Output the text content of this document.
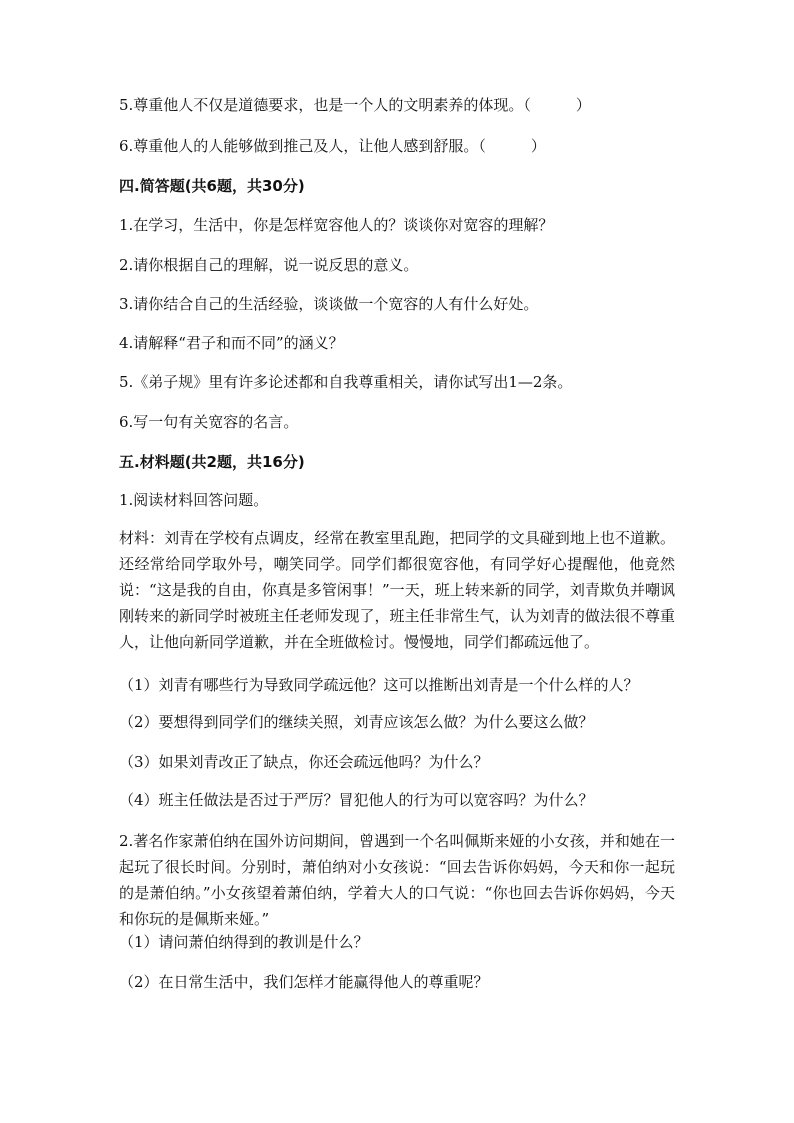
5.尊重他人不仅是道德要求，也是一个人的文明素养的体现。（　　　）
6.尊重他人的人能够做到推己及人，让他人感到舒服。（　　　）
四.简答题(共6题，共30分)
1.在学习，生活中，你是怎样宽容他人的？谈谈你对宽容的理解？
2.请你根据自己的理解，说一说反思的意义。
3.请你结合自己的生活经验，谈谈做一个宽容的人有什么好处。
4.请解释“君子和而不同”的涵义？
5.《弟子规》里有许多论述都和自我尊重相关，请你试写出1—2条。
6.写一句有关宽容的名言。
五.材料题(共2题，共16分)
1.阅读材料回答问题。
材料：刘青在学校有点调皮，经常在教室里乱跑，把同学的文具碰到地上也不道歉。还经常给同学取外号，嘲笑同学。同学们都很宽容他，有同学好心提醒他，他竟然说：“这是我的自由，你真是多管闲事！”一天，班上转来新的同学，刘青欺负并嘲讽刚转来的新同学时被班主任老师发现了，班主任非常生气，认为刘青的做法很不尊重人，让他向新同学道歉，并在全班做检讨。慢慢地，同学们都疏远他了。
（1）刘青有哪些行为导致同学疏远他？这可以推断出刘青是一个什么样的人？
（2）要想得到同学们的继续关照，刘青应该怎么做？为什么要这么做？
（3）如果刘青改正了缺点，你还会疏远他吗？为什么？
（4）班主任做法是否过于严厉？冒犯他人的行为可以宽容吗？为什么？
2.著名作家萧伯纳在国外访问期间，曾遇到一个名叫佩斯来娅的小女孩，并和她在一起玩了很长时间。分别时，萧伯纳对小女孩说：“回去告诉你妈妈，今天和你一起玩的是萧伯纳。”小女孩望着萧伯纳，学着大人的口气说：“你也回去告诉你妈妈，今天和你玩的是佩斯来娅。”
（1）请问萧伯纳得到的教训是什么？
（2）在日常生活中，我们怎样才能赢得他人的尊重呢？
